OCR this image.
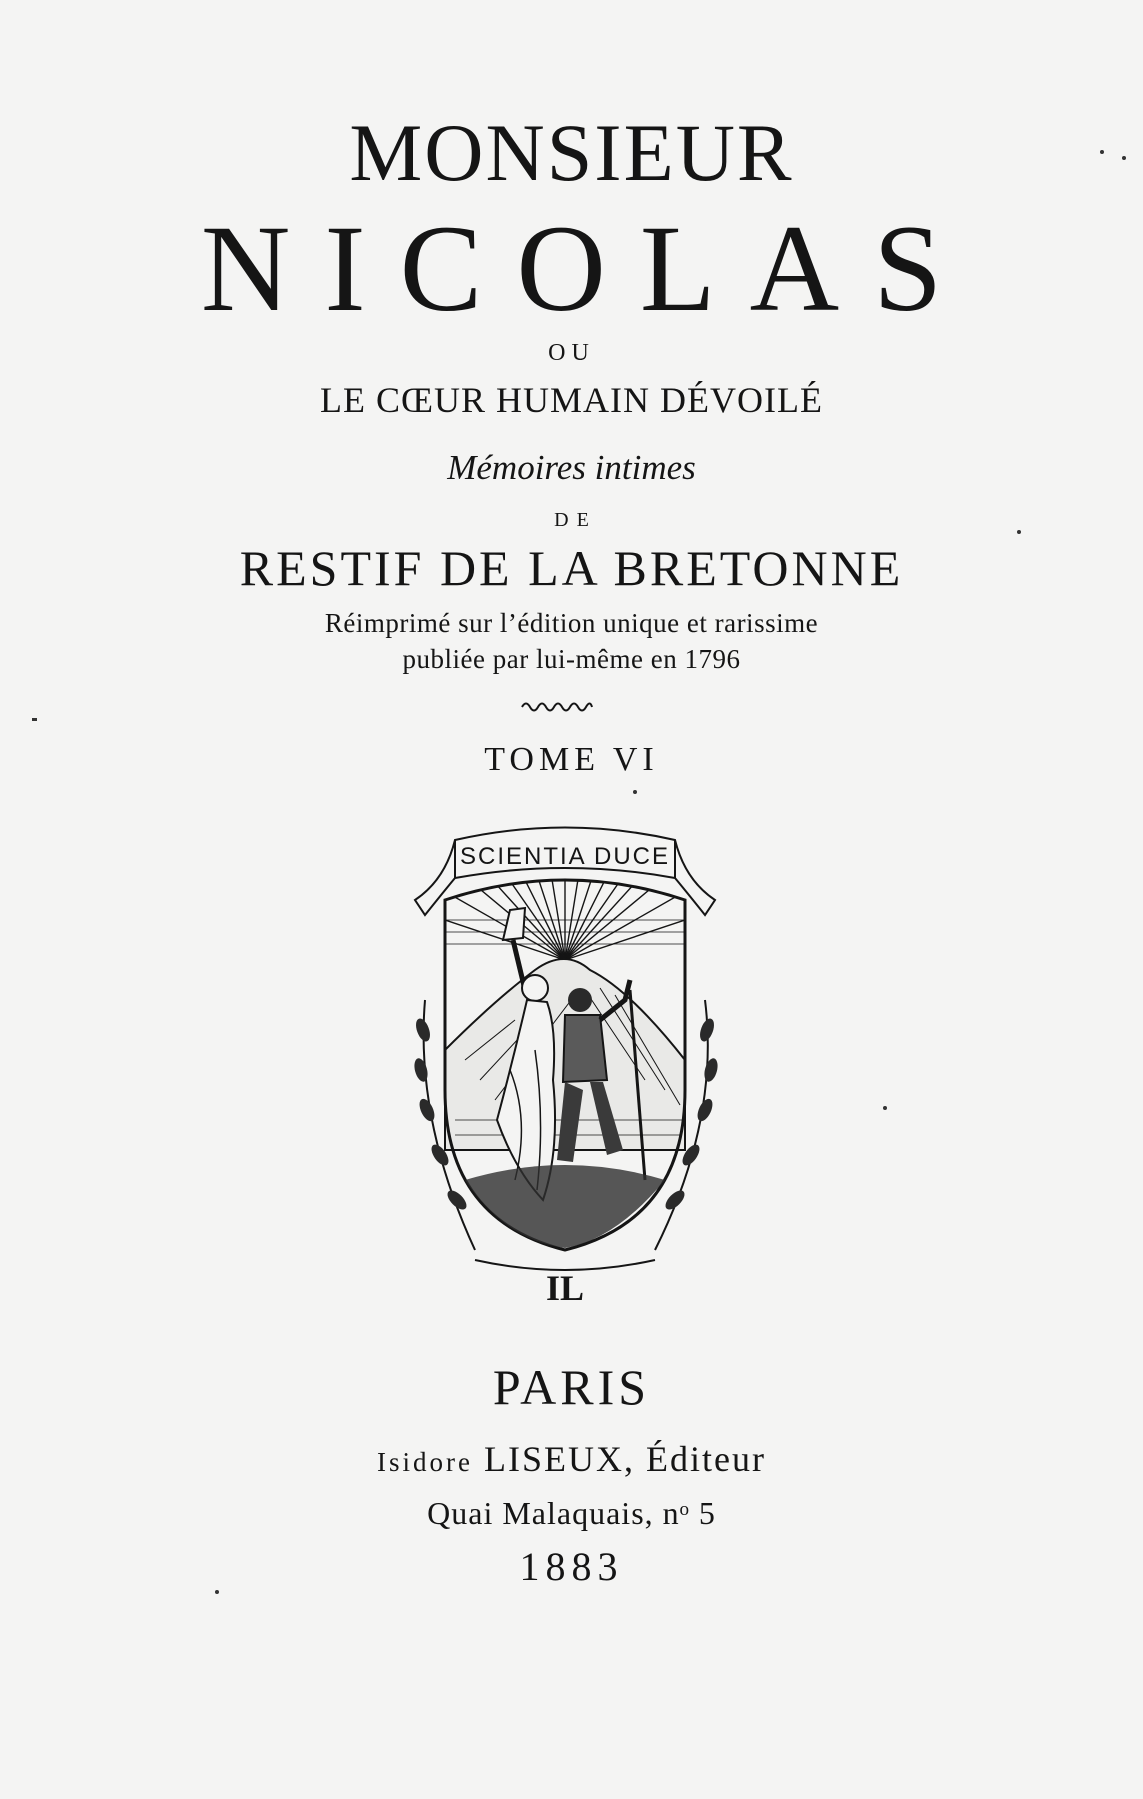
MONSIEUR
NICOLAS
OU
LE CŒUR HUMAIN DÉVOILÉ
Mémoires intimes
DE
RESTIF DE LA BRETONNE
Réimprimé sur l’édition unique et rarissime
publiée par lui-même en 1796
TOME VI
SCIENTIA DUCE
IL
PARIS
Isidore LISEUX, Éditeur
Quai Malaquais, nᵒ 5
1883
